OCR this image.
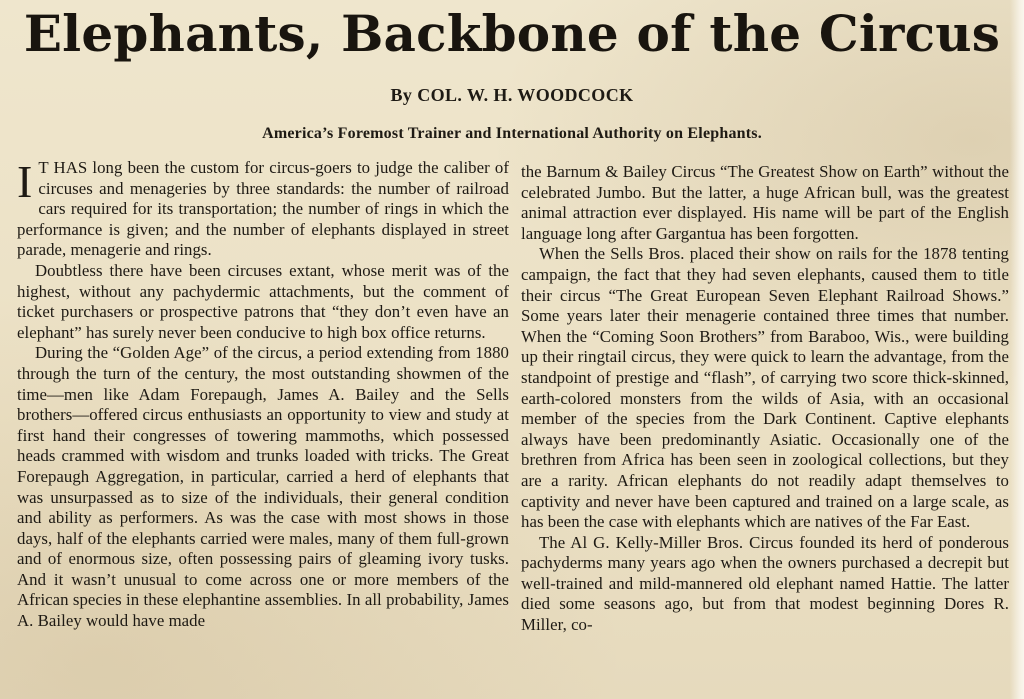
Elephants, Backbone of the Circus
By COL. W. H. WOODCOCK
America’s Foremost Trainer and International Authority on Elephants.

I T HAS long been the custom for circus-goers to judge the caliber of circuses and menageries by three standards: the number of railroad cars required for its transportation; the number of rings in which the performance is given; and the number of elephants displayed in street parade, menagerie and rings.

Doubtless there have been circuses extant, whose merit was of the highest, without any pachydermic attachments, but the comment of ticket purchasers or prospective patrons that “they don’t even have an elephant” has surely never been conducive to high box office returns.

During the “Golden Age” of the circus, a period extending from 1880 through the turn of the century, the most outstanding showmen of the time—men like Adam Forepaugh, James A. Bailey and the Sells brothers—offered circus enthusiasts an opportunity to view and study at first hand their congresses of towering mammoths, which possessed heads crammed with wisdom and trunks loaded with tricks. The Great Forepaugh Aggregation, in particular, carried a herd of elephants that was unsurpassed as to size of the individuals, their general condition and ability as performers. As was the case with most shows in those days, half of the elephants carried were males, many of them full-grown and of enormous size, often possessing pairs of gleaming ivory tusks. And it wasn’t unusual to come across one or more members of the African species in these elephantine assemblies. In all probability, James A. Bailey would have made

the Barnum & Bailey Circus “The Greatest Show on Earth” without the celebrated Jumbo. But the latter, a huge African bull, was the greatest animal attraction ever displayed. His name will be part of the English language long after Gargantua has been forgotten.

When the Sells Bros. placed their show on rails for the 1878 tenting campaign, the fact that they had seven elephants, caused them to title their circus “The Great European Seven Elephant Railroad Shows.” Some years later their menagerie contained three times that number. When the “Coming Soon Brothers” from Baraboo, Wis., were building up their ringtail circus, they were quick to learn the advantage, from the standpoint of prestige and “flash”, of carrying two score thick-skinned, earth-colored monsters from the wilds of Asia, with an occasional member of the species from the Dark Continent. Captive elephants always have been predominantly Asiatic. Occasionally one of the brethren from Africa has been seen in zoological collections, but they are a rarity. African elephants do not readily adapt themselves to captivity and never have been captured and trained on a large scale, as has been the case with elephants which are natives of the Far East.

The Al G. Kelly-Miller Bros. Circus founded its herd of ponderous pachyderms many years ago when the owners purchased a decrepit but well-trained and mild-mannered old elephant named Hattie. The latter died some seasons ago, but from that modest beginning Dores R. Miller, co-
